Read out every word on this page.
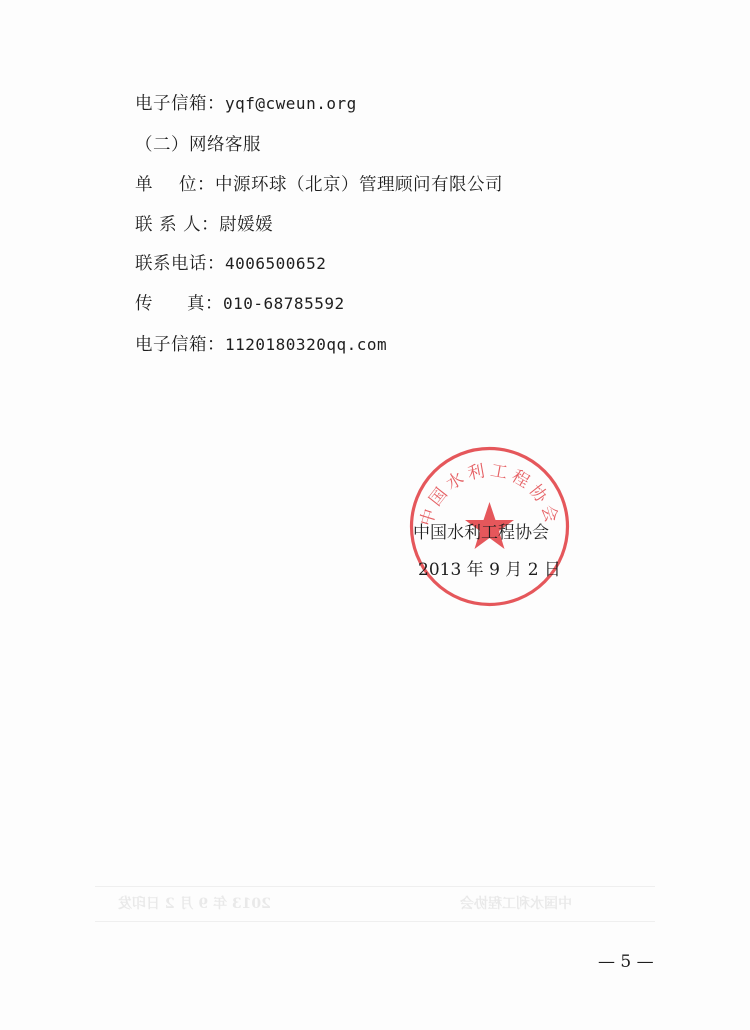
电子信箱：yqf@cweun.org
（二）网络客服
单 位：中源环球（北京）管理顾问有限公司
联 系 人：尉媛媛
联系电话：4006500652
传 真：010-68785592
电子信箱：1120180320qq.com
中国水利工程协会
中国水利工程协会
2013 年 9 月 2 日
中国水利工程协会
2013 年 9 月 2 日印发
— 5 —
